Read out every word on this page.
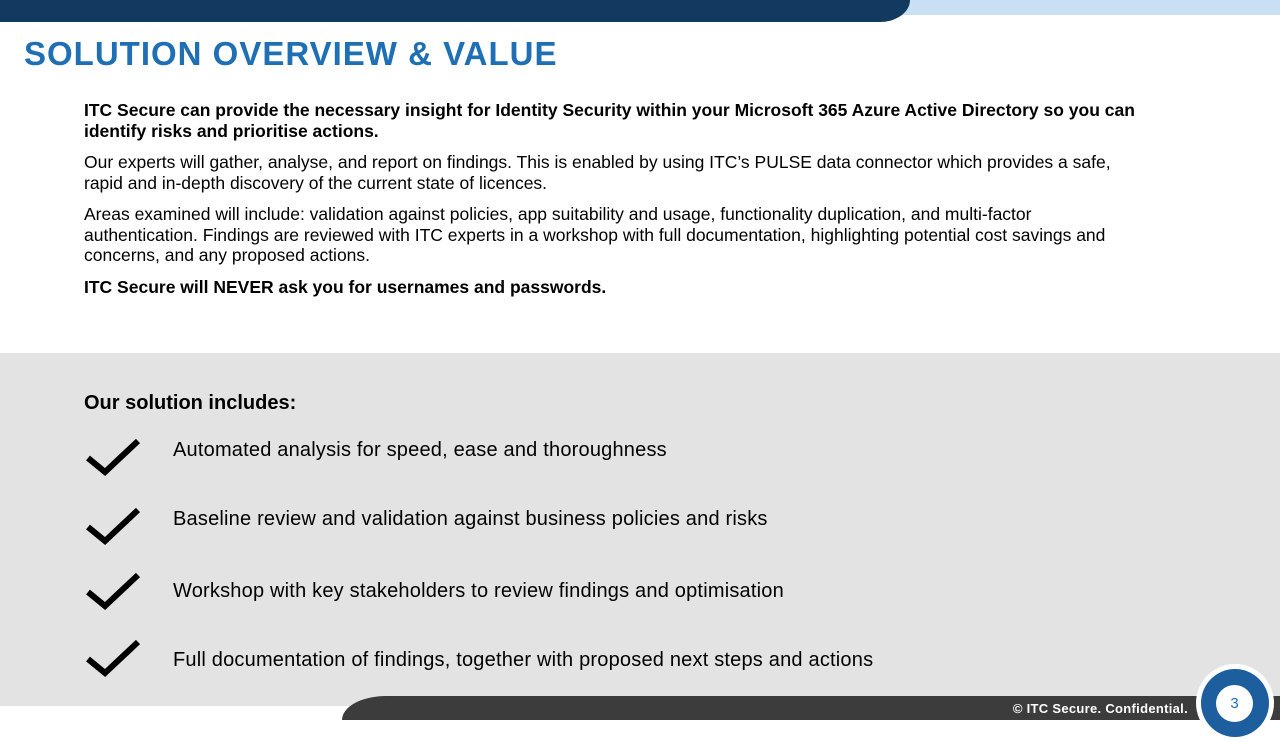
SOLUTION OVERVIEW & VALUE

ITC Secure can provide the necessary insight for Identity Security within your Microsoft 365 Azure Active Directory so you can identify risks and prioritise actions.

Our experts will gather, analyse, and report on findings. This is enabled by using ITC’s PULSE data connector which provides a safe, rapid and in-depth discovery of the current state of licences.

Areas examined will include: validation against policies, app suitability and usage, functionality duplication, and multi-factor authentication. Findings are reviewed with ITC experts in a workshop with full documentation, highlighting potential cost savings and concerns, and any proposed actions.

ITC Secure will NEVER ask you for usernames and passwords.

Our solution includes:
Automated analysis for speed, ease and thoroughness
Baseline review and validation against business policies and risks
Workshop with key stakeholders to review findings and optimisation
Full documentation of findings, together with proposed next steps and actions
© ITC Secure. Confidential.	3
